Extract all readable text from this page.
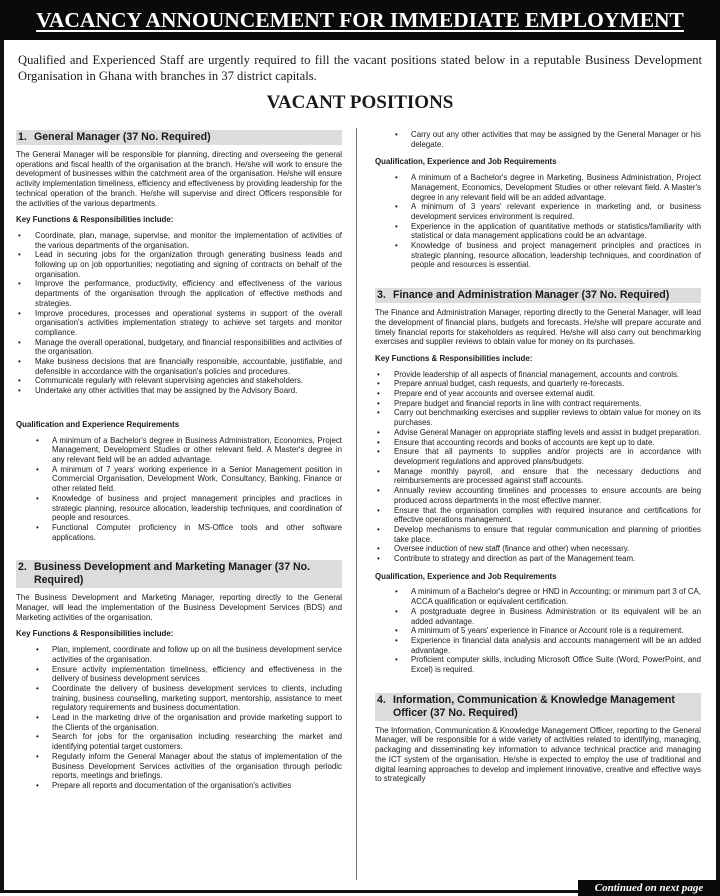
VACANCY ANNOUNCEMENT FOR IMMEDIATE EMPLOYMENT
Qualified and Experienced Staff are urgently required to fill the vacant positions stated below in a reputable Business Development Organisation in Ghana with branches in 37 district capitals.
VACANT POSITIONS
1. General Manager (37 No. Required)
The General Manager will be responsible for planning, directing and overseeing the general operations and fiscal health of the organisation at the branch. He/she will work to ensure the development of businesses within the catchment area of the organisation. He/she will ensure activity implementation timeliness, efficiency and effectiveness by providing leadership for the technical operation of the branch. He/she will supervise and direct Officers responsible for the activities of the various departments.
Key Functions & Responsibilities include:
• Coordinate, plan, manage, supervise, and monitor the implementation of activities of the various departments of the organisation.
• Lead in securing jobs for the organization through generating business leads and following up on job opportunities; negotiating and signing of contracts on behalf of the organisation.
• Improve the performance, productivity, efficiency and effectiveness of the various departments of the organisation through the application of effective methods and strategies.
• Improve procedures, processes and operational systems in support of the overall organisation's activities implementation strategy to achieve set targets and monitor compliance.
• Manage the overall operational, budgetary, and financial responsibilities and activities of the organisation.
• Make business decisions that are financially responsible, accountable, justifiable, and defensible in accordance with the organisation's policies and procedures.
• Communicate regularly with relevant supervising agencies and stakeholders.
• Undertake any other activities that may be assigned by the Advisory Board.
Qualification and Experience Requirements
• A minimum of a Bachelor's degree in Business Administration, Economics, Project Management, Development Studies or other relevant field. A Master's degree in any relevant field will be an added advantage.
• A minimum of 7 years' working experience in a Senior Management position in Commercial Organisation, Development Work, Consultancy, Banking, Finance or other related field.
• Knowledge of business and project management principles and practices in strategic planning, resource allocation, leadership techniques, and coordination of people and resources.
• Functional Computer proficiency in MS-Office tools and other software applications.
2. Business Development and Marketing Manager (37 No. Required)
The Business Development and Marketing Manager, reporting directly to the General Manager, will lead the implementation of the Business Development Services (BDS) and Marketing activities of the organisation.
Key Functions & Responsibilities include:
• Plan, implement, coordinate and follow up on all the business development service activities of the organisation.
• Ensure activity implementation timeliness, efficiency and effectiveness in the delivery of business development services
• Coordinate the delivery of business development services to clients, including training, business counselling, marketing support, mentorship, assistance to meet regulatory requirements and business documentation.
• Lead in the marketing drive of the organisation and provide marketing support to the Clients of the organisation.
• Search for jobs for the organisation including researching the market and identifying potential target customers.
• Regularly inform the General Manager about the status of implementation of the Business Development Services activities of the organisation through periodic reports, meetings and briefings.
• Prepare all reports and documentation of the organisation's activities
• Carry out any other activities that may be assigned by the General Manager or his delegate.
Qualification, Experience and Job Requirements
• A minimum of a Bachelor's degree in Marketing, Business Administration, Project Management, Economics, Development Studies or other relevant field. A Master's degree in any relevant field will be an added advantage.
• A minimum of 3 years' relevant experience in marketing and, or business development services environment is required.
• Experience in the application of quantitative methods or statistics/familiarity with statistical or data management applications could be an advantage.
• Knowledge of business and project management principles and practices in strategic planning, resource allocation, leadership techniques, and coordination of people and resources is essential.
3. Finance and Administration Manager (37 No. Required)
The Finance and Administration Manager, reporting directly to the General Manager, will lead the development of financial plans, budgets and forecasts. He/she will prepare accurate and timely financial reports for stakeholders as required. He/she will also carry out benchmarking exercises and supplier reviews to obtain value for money on its purchases.
Key Functions & Responsibilities include:
• Provide leadership of all aspects of financial management, accounts and controls.
• Prepare annual budget, cash requests, and quarterly re-forecasts.
• Prepare end of year accounts and oversee external audit.
• Prepare budget and financial reports in line with contract requirements.
• Carry out benchmarking exercises and supplier reviews to obtain value for money on its purchases.
• Advise General Manager on appropriate staffing levels and assist in budget preparation.
• Ensure that accounting records and books of accounts are kept up to date.
• Ensure that all payments to supplies and/or projects are in accordance with development regulations and approved plans/budgets.
• Manage monthly payroll, and ensure that the necessary deductions and reimbursements are processed against staff accounts.
• Annually review accounting timelines and processes to ensure accounts are being produced across departments in the most effective manner.
• Ensure that the organisation complies with required insurance and certifications for effective operations management.
• Develop mechanisms to ensure that regular communication and planning of priorities take place.
• Oversee induction of new staff (finance and other) when necessary.
• Contribute to strategy and direction as part of the Management team.
Qualification, Experience and Job Requirements
• A minimum of a Bachelor's degree or HND in Accounting; or minimum part 3 of CA, ACCA qualification or equivalent certification.
• A postgraduate degree in Business Administration or its equivalent will be an added advantage.
• A minimum of 5 years' experience in Finance or Account role is a requirement.
• Experience in financial data analysis and accounts management will be an added advantage.
• Proficient computer skills, including Microsoft Office Suite (Word, PowerPoint, and Excel) is required.
4. Information, Communication & Knowledge Management Officer (37 No. Required)
The Information, Communication & Knowledge Management Officer, reporting to the General Manager, will be responsible for a wide variety of activities related to identifying, managing, packaging and disseminating key information to advance technical practice and managing the ICT system of the organisation. He/she is expected to employ the use of traditional and digital learning approaches to develop and implement innovative, creative and effective ways to strategically
Continued on next page
